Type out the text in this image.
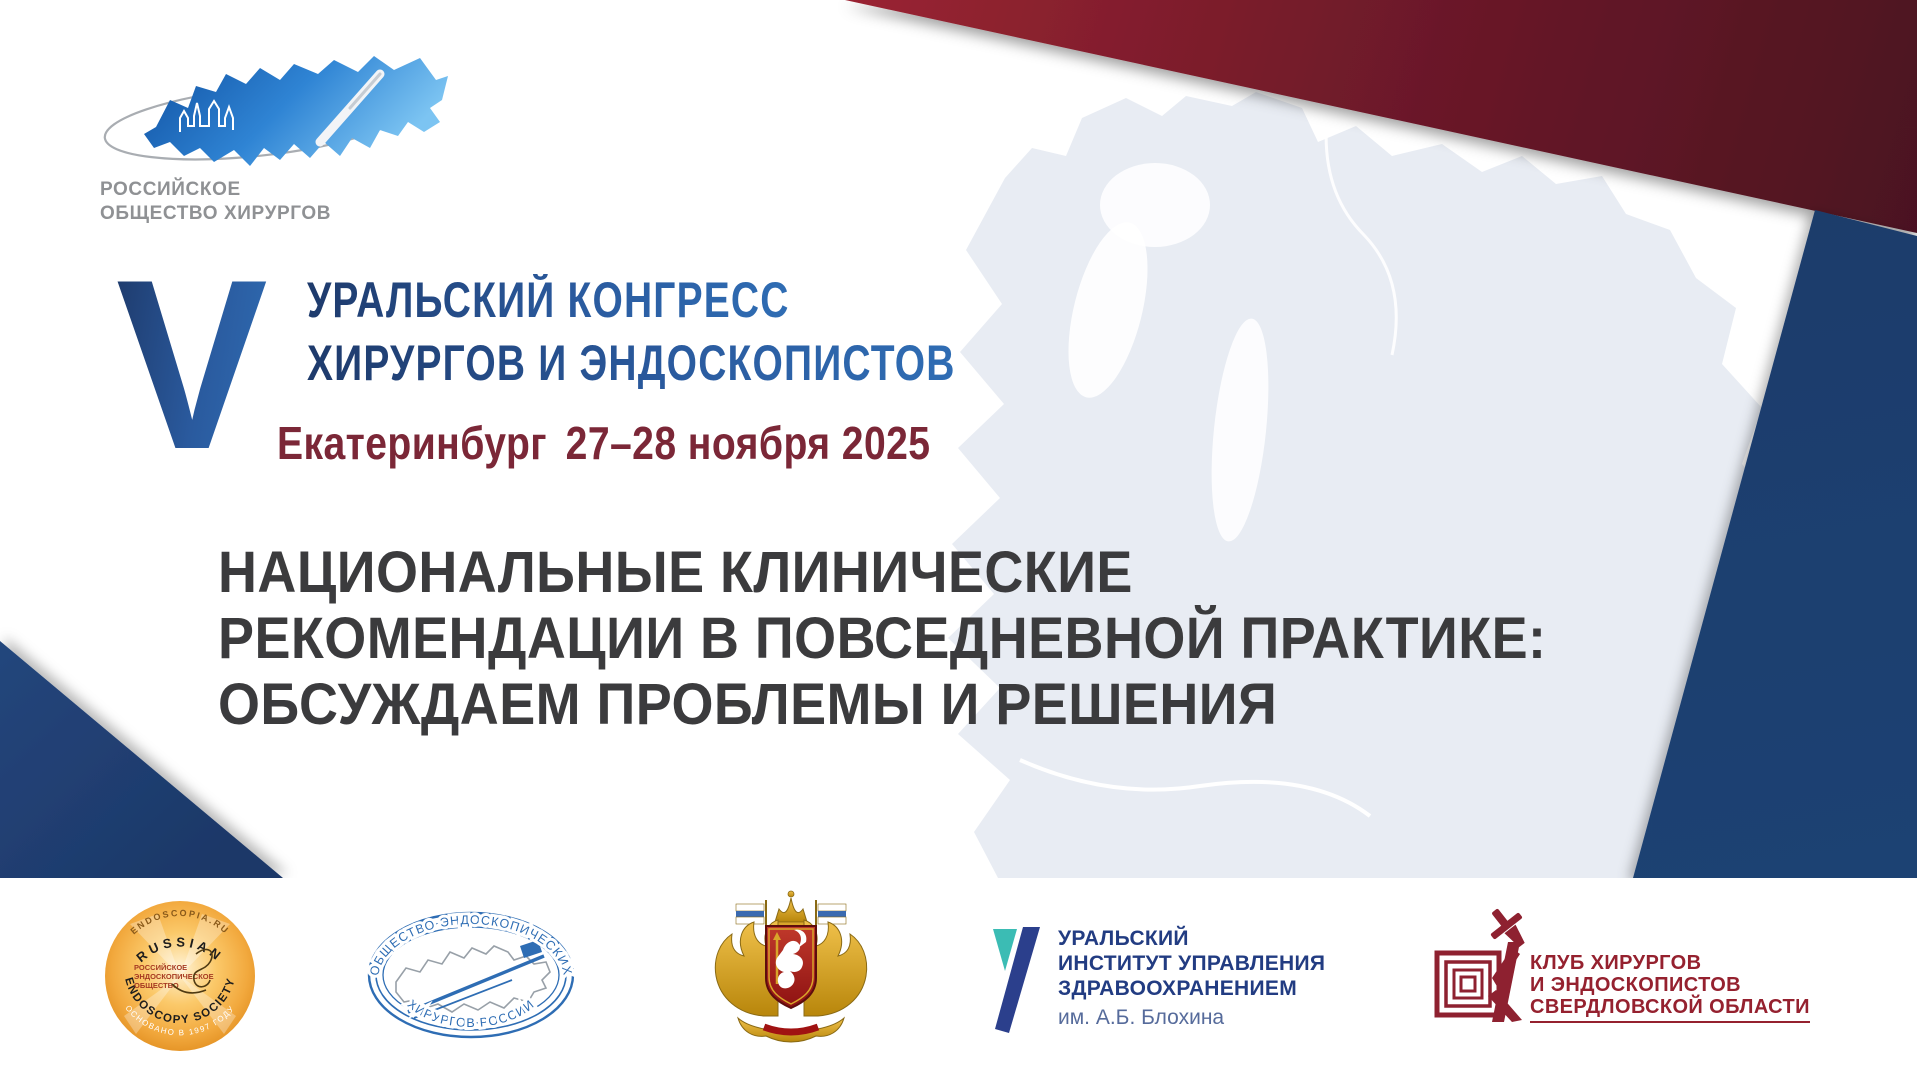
РОССИЙСКОЕ
ОБЩЕСТВО ХИРУРГОВ
V УРАЛЬСКИЙ КОНГРЕСС
ХИРУРГОВ И ЭНДОСКОПИСТОВ
Екатеринбург 27–28 ноября 2025
НАЦИОНАЛЬНЫЕ КЛИНИЧЕСКИЕ
РЕКОМЕНДАЦИИ В ПОВСЕДНЕВНОЙ ПРАКТИКЕ:
ОБСУЖДАЕМ ПРОБЛЕМЫ И РЕШЕНИЯ
ENDOSCOPIA.RU
RUSSIAN
ENDOSCOPY SOCIETY
ОСНОВАНО В 1997 ГОДУ
РОССИЙСКОЕ
ЭНДОСКОПИЧЕСКОЕ
ОБЩЕСТВО
ОБЩЕСТВО ЭНДОСКОПИЧЕСКИХ
ХИРУРГОВ РОССИИ
УРАЛЬСКИЙ
ИНСТИТУТ УПРАВЛЕНИЯ
ЗДРАВООХРАНЕНИЕМ
им. А.Б. Блохина
КЛУБ ХИРУРГОВ
И ЭНДОСКОПИСТОВ
СВЕРДЛОВСКОЙ ОБЛАСТИ
